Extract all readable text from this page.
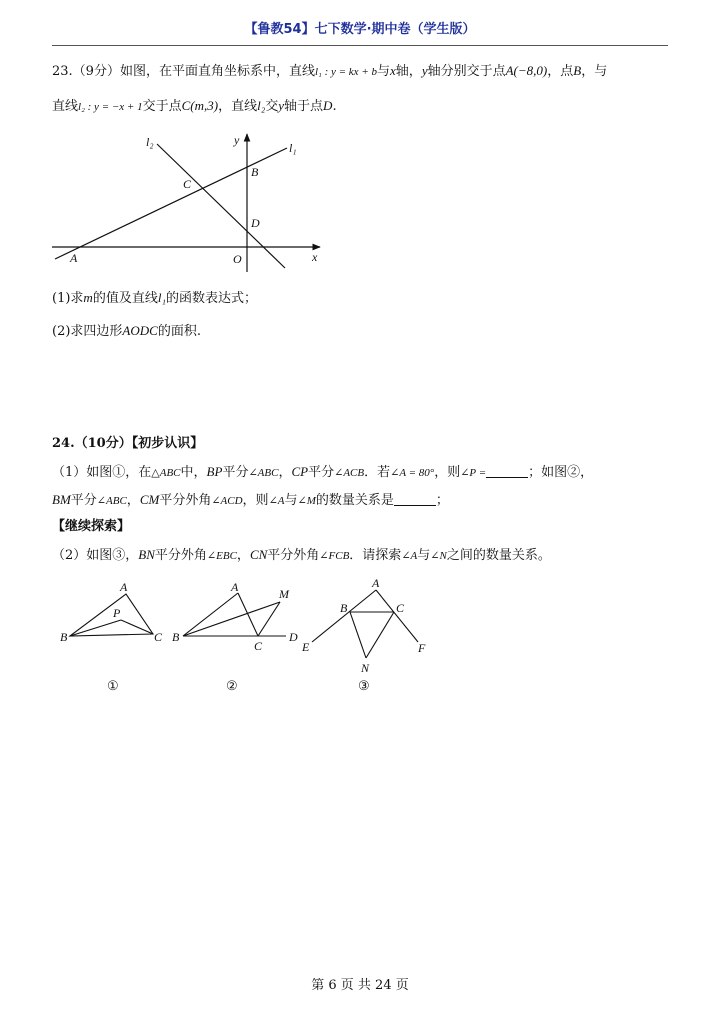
【鲁教54】七下数学·期中卷（学生版）
23.（9分）如图，在平面直角坐标系中，直线l₁ : y = kx + b与x轴，y轴分别交于点A(−8,0)，点B，与
直线l₂ : y = −x + 1交于点C(m,3)，直线l₂交y轴于点D.
l₂	y
l₁
B
C
D
A	O	x
(1)求m的值及直线l₁的函数表达式；
(2)求四边形AODC的面积.
24.（10分）【初步认识】
（1）如图①，在△ABC中，BP平分∠ABC，CP平分∠ACB．若∠A = 80°，则∠P =	；如图②，
BM平分∠ABC，CM平分外角∠ACD，则∠A与∠M的数量关系是	；
【继续探索】
（2）如图③，BN平分外角∠EBC，CN平分外角∠FCB．请探索∠A与∠N之间的数量关系。
A
P
B	C
①
A	M
B
C
D
②
A
B	C
E	F
N
③
第 6 页 共 24 页
